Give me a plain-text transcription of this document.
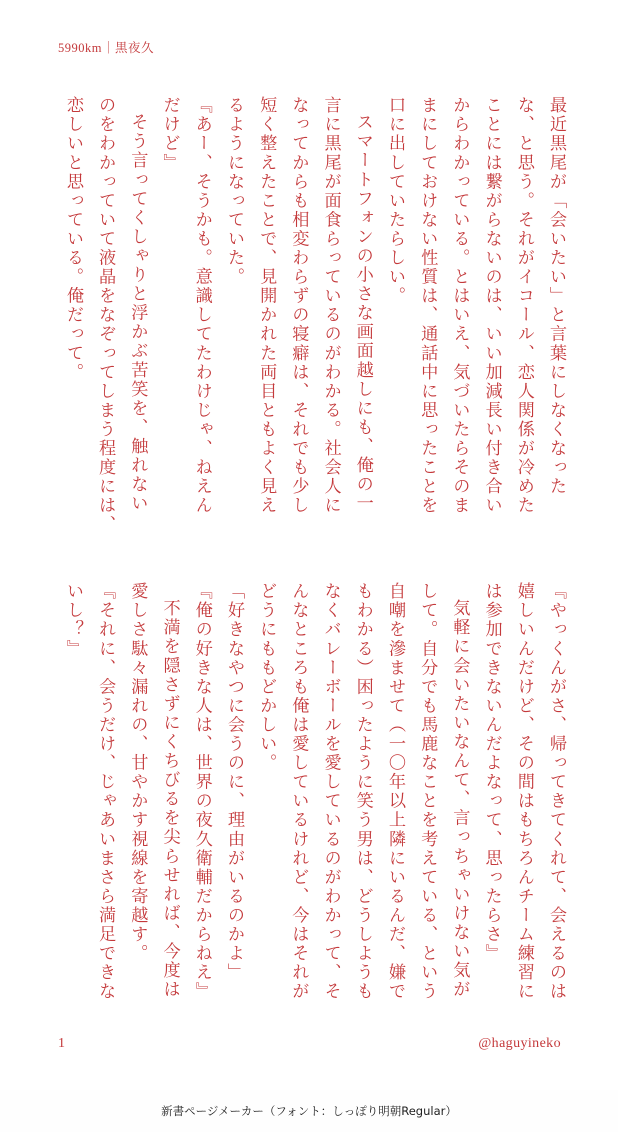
5990km｜黒夜久

最近黒尾が「会いたい」と言葉にしなくなった

な、と思う。それがイコール、恋人関係が冷めた

ことには繋がらないのは、いい加減長い付き合い

からわかっている。とはいえ、気づいたらそのま

まにしておけない性質は、通話中に思ったことを

口に出していたらしい。

スマートフォンの小さな画面越しにも、俺の一

言に黒尾が面食らっているのがわかる。社会人に

なってからも相変わらずの寝癖は、それでも少し

短く整えたことで、見開かれた両目ともよく見え

るようになっていた。

『あー、そうかも。意識してたわけじゃ、ねえん

だけど』

そう言ってくしゃりと浮かぶ苦笑を、触れない

のをわかっていて液晶をなぞってしまう程度には、

恋しいと思っている。俺だって。

『やっくんがさ、帰ってきてくれて、会えるのは

嬉しいんだけど、その間はもちろんチーム練習に

は参加できないんだよなって、思ったらさ』

気軽に会いたいなんて、言っちゃいけない気が

して。自分でも馬鹿なことを考えている、という

自嘲を滲ませて（一〇年以上隣にいるんだ、嫌で

もわかる）困ったように笑う男は、どうしようも

なくバレーボールを愛しているのがわかって、そ

んなところも俺は愛しているけれど、今はそれが

どうにももどかしい。

「好きなやつに会うのに、理由がいるのかよ」

『俺の好きな人は、世界の夜久衛輔だからねえ』

不満を隠さずにくちびるを尖らせれば、今度は

愛しさ駄々漏れの、甘やかす視線を寄越す。

『それに、会うだけ、じゃあいまさら満足できな

いし？』

1	@haguyineko
新書ページメーカー（フォント：しっぽり明朝Regular）
